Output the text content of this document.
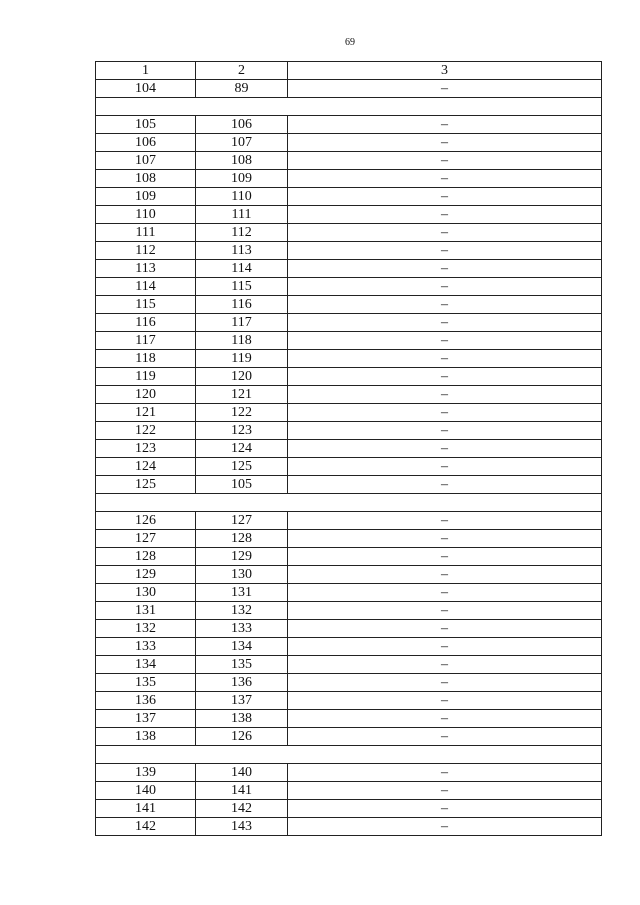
69
1	2	3
104	89	–

105	106	–
106	107	–
107	108	–
108	109	–
109	110	–
110	111	–
111	112	–
112	113	–
113	114	–
114	115	–
115	116	–
116	117	–
117	118	–
118	119	–
119	120	–
120	121	–
121	122	–
122	123	–
123	124	–
124	125	–
125	105	–

126	127	–
127	128	–
128	129	–
129	130	–
130	131	–
131	132	–
132	133	–
133	134	–
134	135	–
135	136	–
136	137	–
137	138	–
138	126	–

139	140	–
140	141	–
141	142	–
142	143	–
